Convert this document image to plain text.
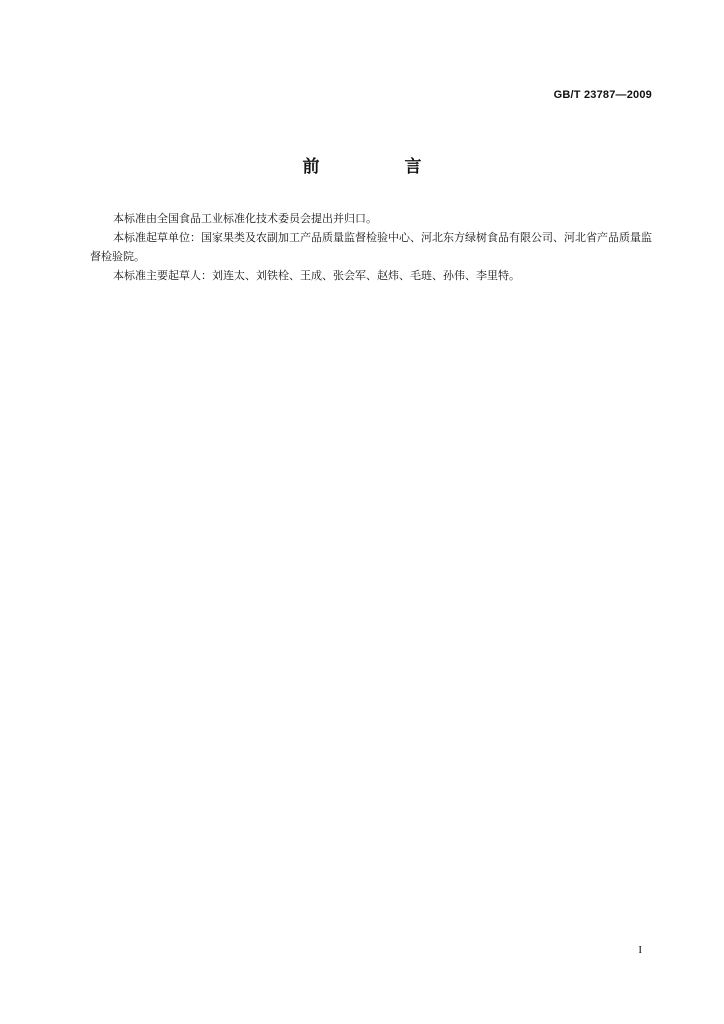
GB/T 23787—2009
前　言

本标准由全国食品工业标准化技术委员会提出并归口。

本标准起草单位：国家果类及农副加工产品质量监督检验中心、河北东方绿树食品有限公司、河北省产品质量监督检验院。

本标准主要起草人：刘连太、刘铁栓、王成、张会军、赵炜、毛琏、孙伟、李里特。

I
